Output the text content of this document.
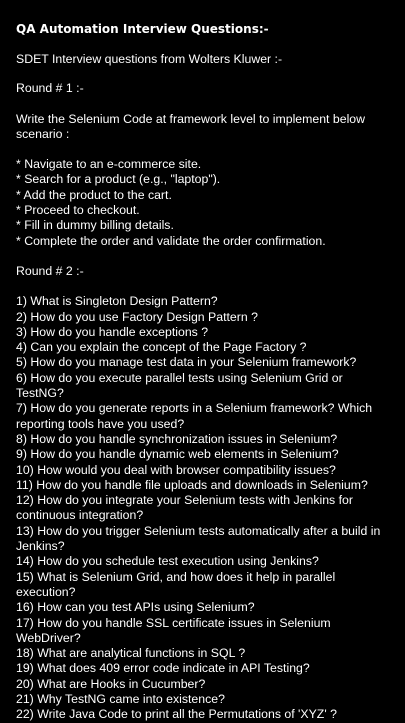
QA Automation Interview Questions:-

SDET Interview questions from Wolters Kluwer :-

Round # 1 :-

Write the Selenium Code at framework level to implement below scenario :

* Navigate to an e-commerce site.
* Search for a product (e.g., "laptop").
* Add the product to the cart.
* Proceed to checkout.
* Fill in dummy billing details.
* Complete the order and validate the order confirmation.

Round # 2 :-

1) What is Singleton Design Pattern?
2) How do you use Factory Design Pattern ?
3) How do you handle exceptions ?
4) Can you explain the concept of the Page Factory ?
5) How do you manage test data in your Selenium framework?
6) How do you execute parallel tests using Selenium Grid or TestNG?
7) How do you generate reports in a Selenium framework? Which reporting tools have you used?
8) How do you handle synchronization issues in Selenium?
9) How do you handle dynamic web elements in Selenium?
10) How would you deal with browser compatibility issues?
11) How do you handle file uploads and downloads in Selenium?
12) How do you integrate your Selenium tests with Jenkins for continuous integration?
13) How do you trigger Selenium tests automatically after a build in Jenkins?
14) How do you schedule test execution using Jenkins?
15) What is Selenium Grid, and how does it help in parallel execution?
16) How can you test APIs using Selenium?
17) How do you handle SSL certificate issues in Selenium WebDriver?
18) What are analytical functions in SQL ?
19) What does 409 error code indicate in API Testing?
20) What are Hooks in Cucumber?
21) Why TestNG came into existence?
22) Write Java Code to print all the Permutations of 'XYZ' ?
